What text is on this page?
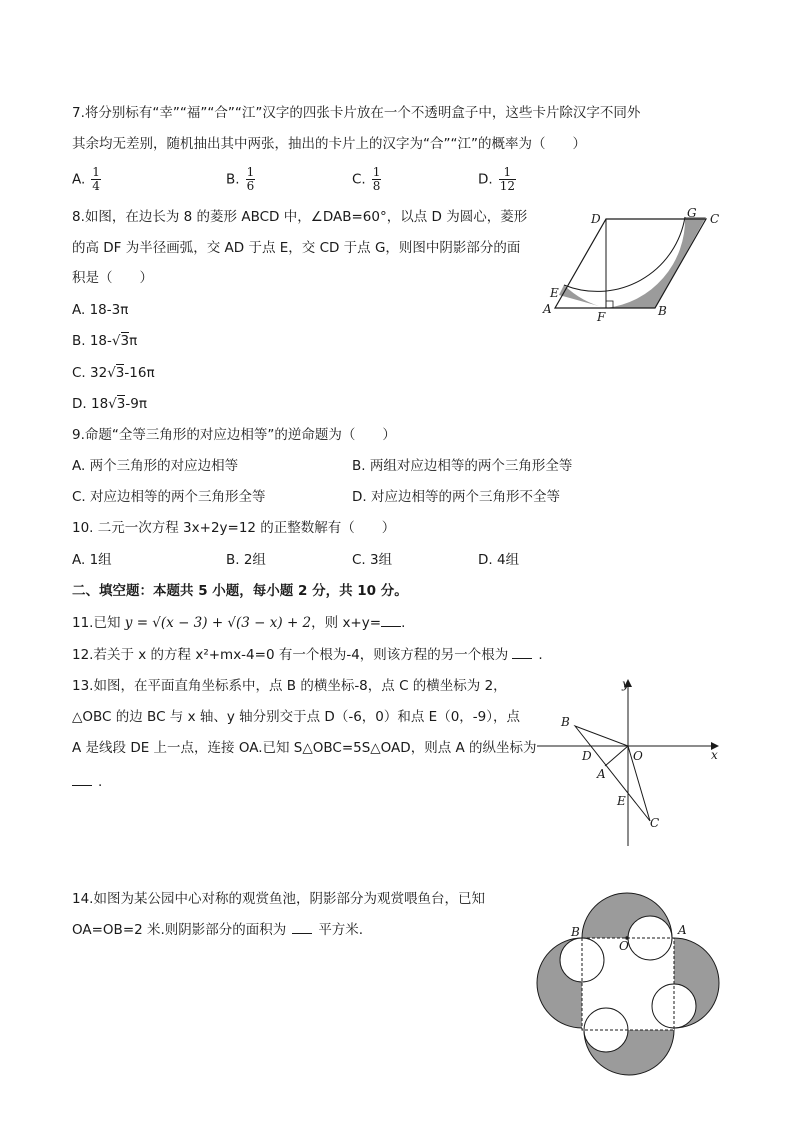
7.将分别标有“幸”“福”“合”“江”汉字的四张卡片放在一个不透明盒子中，这些卡片除汉字不同外
其余均无差别，随机抽出其中两张，抽出的卡片上的汉字为“合”“江”的概率为（　　）
A. $\frac{1}{4}$	B. $\frac{1}{6}$	C. $\frac{1}{8}$	D. $\frac{1}{12}$
8.如图，在边长为 8 的菱形 ABCD 中，∠DAB=60°，以点 D 为圆心，菱形
的高 DF 为半径画弧，交 AD 于点 E，交 CD 于点 G，则图中阴影部分的面
积是（　　）
A. 18-3π
B. 18-√3π
C. 32√3-16π
D. 18√3-9π
D	G C
E
A
F	B
9.命题“全等三角形的对应边相等”的逆命题为（　　）
A. 两个三角形的对应边相等	B. 两组对应边相等的两个三角形全等
C. 对应边相等的两个三角形全等	D. 对应边相等的两个三角形不全等
10. 二元一次方程 3x+2y=12 的正整数解有（　　）
A. 1组	B. 2组	C. 3组	D. 4组
二、填空题：本题共 5 小题，每小题 2 分，共 10 分。
11.已知 y = √(x − 3) + √(3 − x) + 2，则 x+y= .
12.若关于 x 的方程 x²+mx-4=0 有一个根为-4，则该方程的另一个根为 .
13.如图，在平面直角坐标系中，点 B 的横坐标-8，点 C 的横坐标为 2，
△OBC 的边 BC 与 x 轴、y 轴分别交于点 D（-6，0）和点 E（0，-9），点
A 是线段 DE 上一点，连接 OA.已知 S△OBC=5S△OAD，则点 A 的纵坐标为
.
y
x
B
D	O
A
E
C
14.如图为某公园中心对称的观赏鱼池，阴影部分为观赏喂鱼台，已知
OA=OB=2 米.则阴影部分的面积为 平方米.	B
O
A
